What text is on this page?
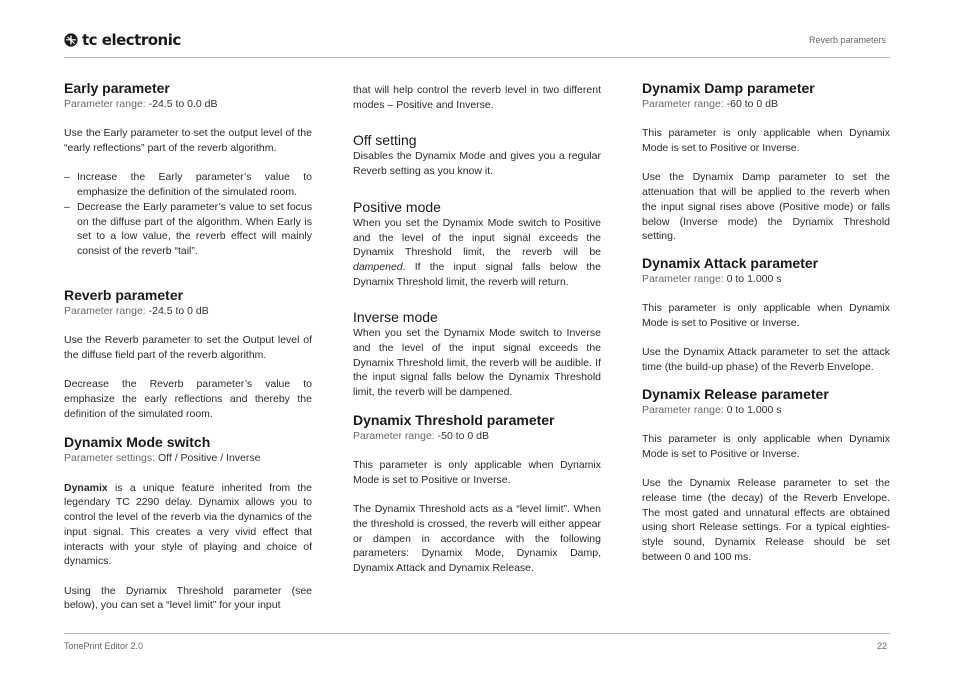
tc electronic	Reverb parameters
Early parameter
Parameter range: -24.5 to 0.0 dB

Use the Early parameter to set the output level of the “early reflections” part of the reverb algorithm.

– Increase the Early parameter’s value to emphasize the definition of the simulated room.
– Decrease the Early parameter’s value to set focus on the diffuse part of the algorithm. When Early is set to a low value, the reverb effect will mainly consist of the reverb “tail”.
Reverb parameter
Parameter range: -24.5 to 0 dB

Use the Reverb parameter to set the Output level of the diffuse field part of the reverb algorithm.

Decrease the Reverb parameter’s value to emphasize the early reflections and thereby the definition of the simulated room.

Dynamix Mode switch
Parameter settings: Off / Positive / Inverse

Dynamix is a unique feature inherited from the legendary TC 2290 delay. Dynamix allows you to control the level of the reverb via the dynamics of the input signal. This creates a very vivid effect that interacts with your style of playing and choice of dynamics.

Using the Dynamix Threshold parameter (see below), you can set a “level limit” for your input

that will help control the reverb level in two different modes – Positive and Inverse.

Off setting

Disables the Dynamix Mode and gives you a regular Reverb setting as you know it.

Positive mode

When you set the Dynamix Mode switch to Positive and the level of the input signal exceeds the Dynamix Threshold limit, the reverb will be dampened. If the input signal falls below the Dynamix Threshold limit, the reverb will return.

Inverse mode

When you set the Dynamix Mode switch to Inverse and the level of the input signal exceeds the Dynamix Threshold limit, the reverb will be audible. If the input signal falls below the Dynamix Threshold limit, the reverb will be dampened.

Dynamix Threshold parameter
Parameter range: -50 to 0 dB

This parameter is only applicable when Dynamix Mode is set to Positive or Inverse.

The Dynamix Threshold acts as a “level limit”. When the threshold is crossed, the reverb will either appear or dampen in accordance with the following parameters: Dynamix Mode, Dynamix Damp, Dynamix Attack and Dynamix Release.

Dynamix Damp parameter
Parameter range: -60 to 0 dB

This parameter is only applicable when Dynamix Mode is set to Positive or Inverse.

Use the Dynamix Damp parameter to set the attenuation that will be applied to the reverb when the input signal rises above (Positive mode) or falls below (Inverse mode) the Dynamix Threshold setting.

Dynamix Attack parameter
Parameter range: 0 to 1.000 s

This parameter is only applicable when Dynamix Mode is set to Positive or Inverse.

Use the Dynamix Attack parameter to set the attack time (the build-up phase) of the Reverb Envelope.

Dynamix Release parameter
Parameter range: 0 to 1.000 s

This parameter is only applicable when Dynamix Mode is set to Positive or Inverse.

Use the Dynamix Release parameter to set the release time (the decay) of the Reverb Envelope. The most gated and unnatural effects are obtained using short Release settings. For a typical eighties-style sound, Dynamix Release should be set between 0 and 100 ms.

TonePrint Editor 2.0	22
